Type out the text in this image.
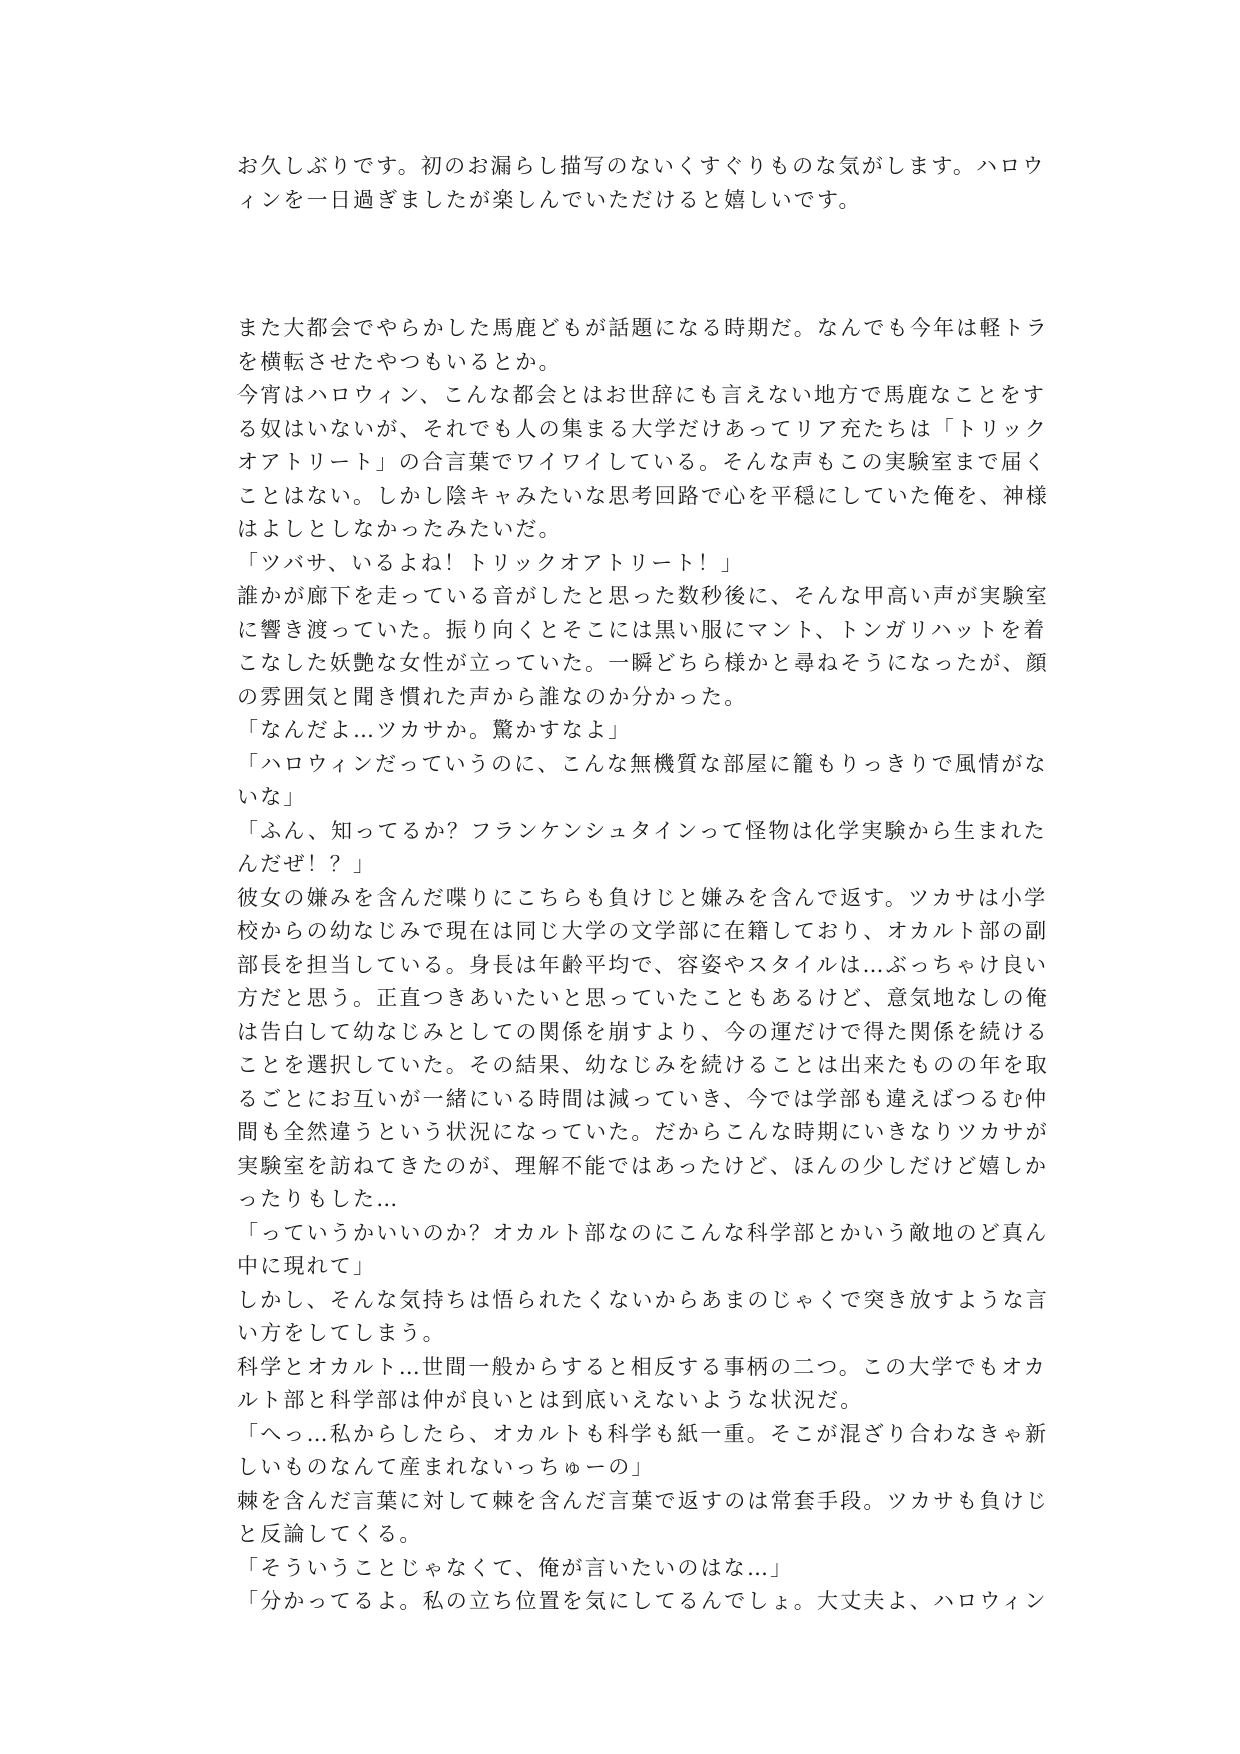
お久しぶりです。初のお漏らし描写のないくすぐりものな気がします。ハロウ
ィンを一日過ぎましたが楽しんでいただけると嬉しいです。
また大都会でやらかした馬鹿どもが話題になる時期だ。なんでも今年は軽トラ
を横転させたやつもいるとか。
今宵はハロウィン、こんな都会とはお世辞にも言えない地方で馬鹿なことをす
る奴はいないが、それでも人の集まる大学だけあってリア充たちは「トリック
オアトリート」の合言葉でワイワイしている。そんな声もこの実験室まで届く
ことはない。しかし陰キャみたいな思考回路で心を平穏にしていた俺を、神様
はよしとしなかったみたいだ。
「ツバサ、いるよね！トリックオアトリート！」
誰かが廊下を走っている音がしたと思った数秒後に、そんな甲高い声が実験室
に響き渡っていた。振り向くとそこには黒い服にマント、トンガリハットを着
こなした妖艶な女性が立っていた。一瞬どちら様かと尋ねそうになったが、顔
の雰囲気と聞き慣れた声から誰なのか分かった。
「なんだよ…ツカサか。驚かすなよ」
「ハロウィンだっていうのに、こんな無機質な部屋に籠もりっきりで風情がな
いな」
「ふん、知ってるか？フランケンシュタインって怪物は化学実験から生まれた
んだぜ！？」
彼女の嫌みを含んだ喋りにこちらも負けじと嫌みを含んで返す。ツカサは小学
校からの幼なじみで現在は同じ大学の文学部に在籍しており、オカルト部の副
部長を担当している。身長は年齢平均で、容姿やスタイルは…ぶっちゃけ良い
方だと思う。正直つきあいたいと思っていたこともあるけど、意気地なしの俺
は告白して幼なじみとしての関係を崩すより、今の運だけで得た関係を続ける
ことを選択していた。その結果、幼なじみを続けることは出来たものの年を取
るごとにお互いが一緒にいる時間は減っていき、今では学部も違えばつるむ仲
間も全然違うという状況になっていた。だからこんな時期にいきなりツカサが
実験室を訪ねてきたのが、理解不能ではあったけど、ほんの少しだけど嬉しか
ったりもした…
「っていうかいいのか？オカルト部なのにこんな科学部とかいう敵地のど真ん
中に現れて」
しかし、そんな気持ちは悟られたくないからあまのじゃくで突き放すような言
い方をしてしまう。
科学とオカルト…世間一般からすると相反する事柄の二つ。この大学でもオカ
ルト部と科学部は仲が良いとは到底いえないような状況だ。
「へっ…私からしたら、オカルトも科学も紙一重。そこが混ざり合わなきゃ新
しいものなんて産まれないっちゅーの」
棘を含んだ言葉に対して棘を含んだ言葉で返すのは常套手段。ツカサも負けじ
と反論してくる。
「そういうことじゃなくて、俺が言いたいのはな…」
「分かってるよ。私の立ち位置を気にしてるんでしょ。大丈夫よ、ハロウィン
